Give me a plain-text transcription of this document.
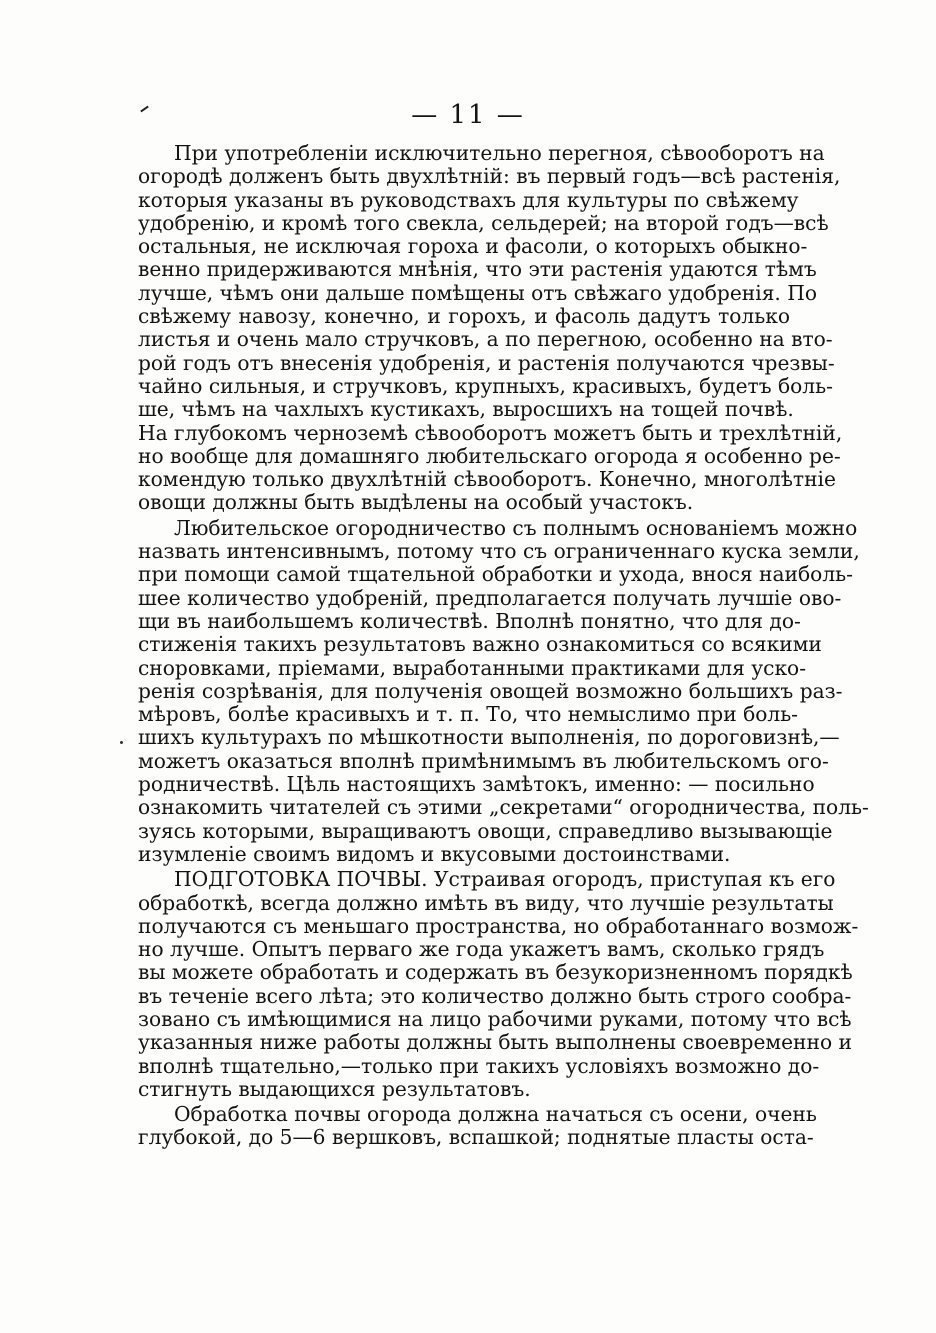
— 11 —
При употребленіи исключительно перегноя, сѣвооборотъ на
огородѣ долженъ быть двухлѣтній: въ первый годъ—всѣ растенія,
которыя указаны въ руководствахъ для культуры по свѣжему
удобренію, и кромѣ того свекла, сельдерей; на второй годъ—всѣ
остальныя, не исключая гороха и фасоли, о которыхъ обыкно-
венно придерживаются мнѣнія, что эти растенія удаются тѣмъ
лучше, чѣмъ они дальше помѣщены отъ свѣжаго удобренія. По
свѣжему навозу, конечно, и горохъ, и фасоль дадутъ только
листья и очень мало стручковъ, а по перегною, особенно на вто-
рой годъ отъ внесенія удобренія, и растенія получаются чрезвы-
чайно сильныя, и стручковъ, крупныхъ, красивыхъ, будетъ боль-
ше, чѣмъ на чахлыхъ кустикахъ, выросшихъ на тощей почвѣ.
На глубокомъ черноземѣ сѣвооборотъ можетъ быть и трехлѣтній,
но вообще для домашняго любительскаго огорода я особенно ре-
комендую только двухлѣтній сѣвооборотъ. Конечно, многолѣтніе
овощи должны быть выдѣлены на особый участокъ.
Любительское огородничество съ полнымъ основаніемъ можно
назвать интенсивнымъ, потому что съ ограниченнаго куска земли,
при помощи самой тщательной обработки и ухода, внося наиболь-
шее количество удобреній, предполагается получать лучшіе ово-
щи въ наибольшемъ количествѣ. Вполнѣ понятно, что для до-
стиженія такихъ результатовъ важно ознакомиться со всякими
сноровками, пріемами, выработанными практиками для уско-
ренія созрѣванія, для полученія овощей возможно большихъ раз-
мѣровъ, болѣе красивыхъ и т. п. То, что немыслимо при боль-
шихъ культурахъ по мѣшкотности выполненія, по дороговизнѣ,—
можетъ оказаться вполнѣ примѣнимымъ въ любительскомъ ого-
родничествѣ. Цѣль настоящихъ замѣтокъ, именно: — посильно
ознакомить читателей съ этими „секретами“ огородничества, поль-
зуясь которыми, выращиваютъ овощи, справедливо вызывающіе
изумленіе своимъ видомъ и вкусовыми достоинствами.
ПОДГОТОВКА ПОЧВЫ. Устраивая огородъ, приступая къ его
обработкѣ, всегда должно имѣть въ виду, что лучшіе результаты
получаются съ меньшаго пространства, но обработаннаго возмож-
но лучше. Опытъ перваго же года укажетъ вамъ, сколько грядъ
вы можете обработать и содержать въ безукоризненномъ порядкѣ
въ теченіе всего лѣта; это количество должно быть строго сообра-
зовано съ имѣющимися на лицо рабочими руками, потому что всѣ
указанныя ниже работы должны быть выполнены своевременно и
вполнѣ тщательно,—только при такихъ условіяхъ возможно до-
стигнуть выдающихся результатовъ.
Обработка почвы огорода должна начаться съ осени, очень
глубокой, до 5—6 вершковъ, вспашкой; поднятые пласты оста-
